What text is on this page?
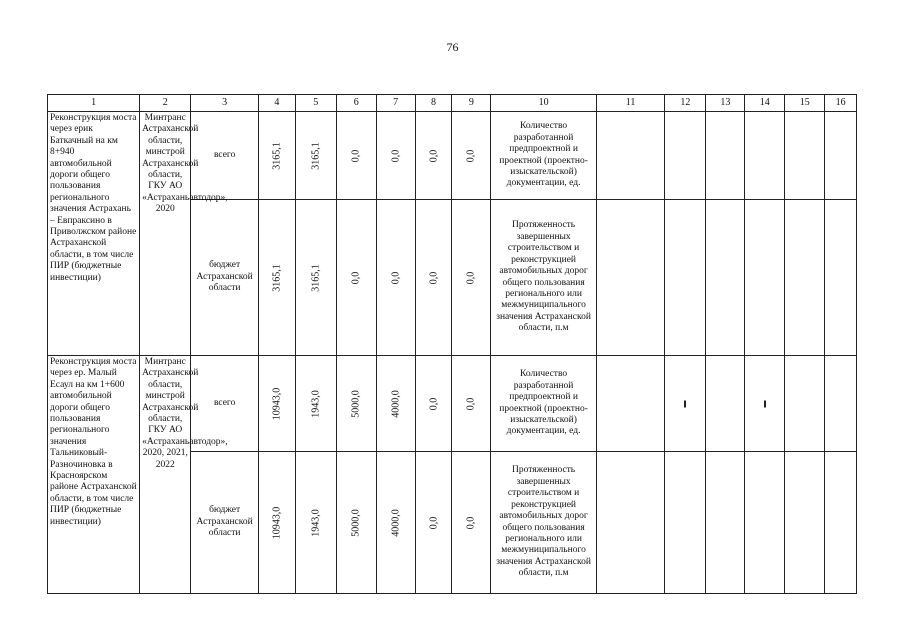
76
1	2	3	4	5	6	7	8	9	10	11	12	13	14	15	16
Реконструкция моста через ерик Баткачный на км 8+940 автомобильной дороги общего пользования регионального значения Астрахань – Евпраксино в Приволжском районе Астраханской области, в том числе ПИР (бюджетные инвестиции)	Минтранс Астраханской области, минстрой Астраханской области, ГКУ АО «Астраханьавтодор», 2020	всего	3165,1	3165,1	0,0	0,0	0,0	0,0	Количество разработанной предпроектной и проектной (проектно-изыскательской) документации, ед.						
		бюджет Астраханской области	3165,1	3165,1	0,0	0,0	0,0	0,0	Протяженность завершенных строительством и реконструкцией автомобильных дорог общего пользования регионального или межмуниципального значения Астраханской области, п.м						
Реконструкция моста через ер. Малый Есаул на км 1+600 автомобильной дороги общего пользования регионального значения Тальниковый-Разночиновка в Красноярском районе Астраханской области, в том числе ПИР (бюджетные инвестиции)	Минтранс Астраханской области, минстрой Астраханской области, ГКУ АО «Астраханьавтодор», 2020, 2021, 2022	всего	10943,0	1943,0	5000,0	4000,0	0,0	0,0	Количество разработанной предпроектной и проектной (проектно-изыскательской) документации, ед.		

		бюджет Астраханской области	10943,0	1943,0	5000,0	4000,0	0,0	0,0	Протяженность завершенных строительством и реконструкцией автомобильных дорог общего пользования регионального или межмуниципального значения Астраханской области, п.м						
